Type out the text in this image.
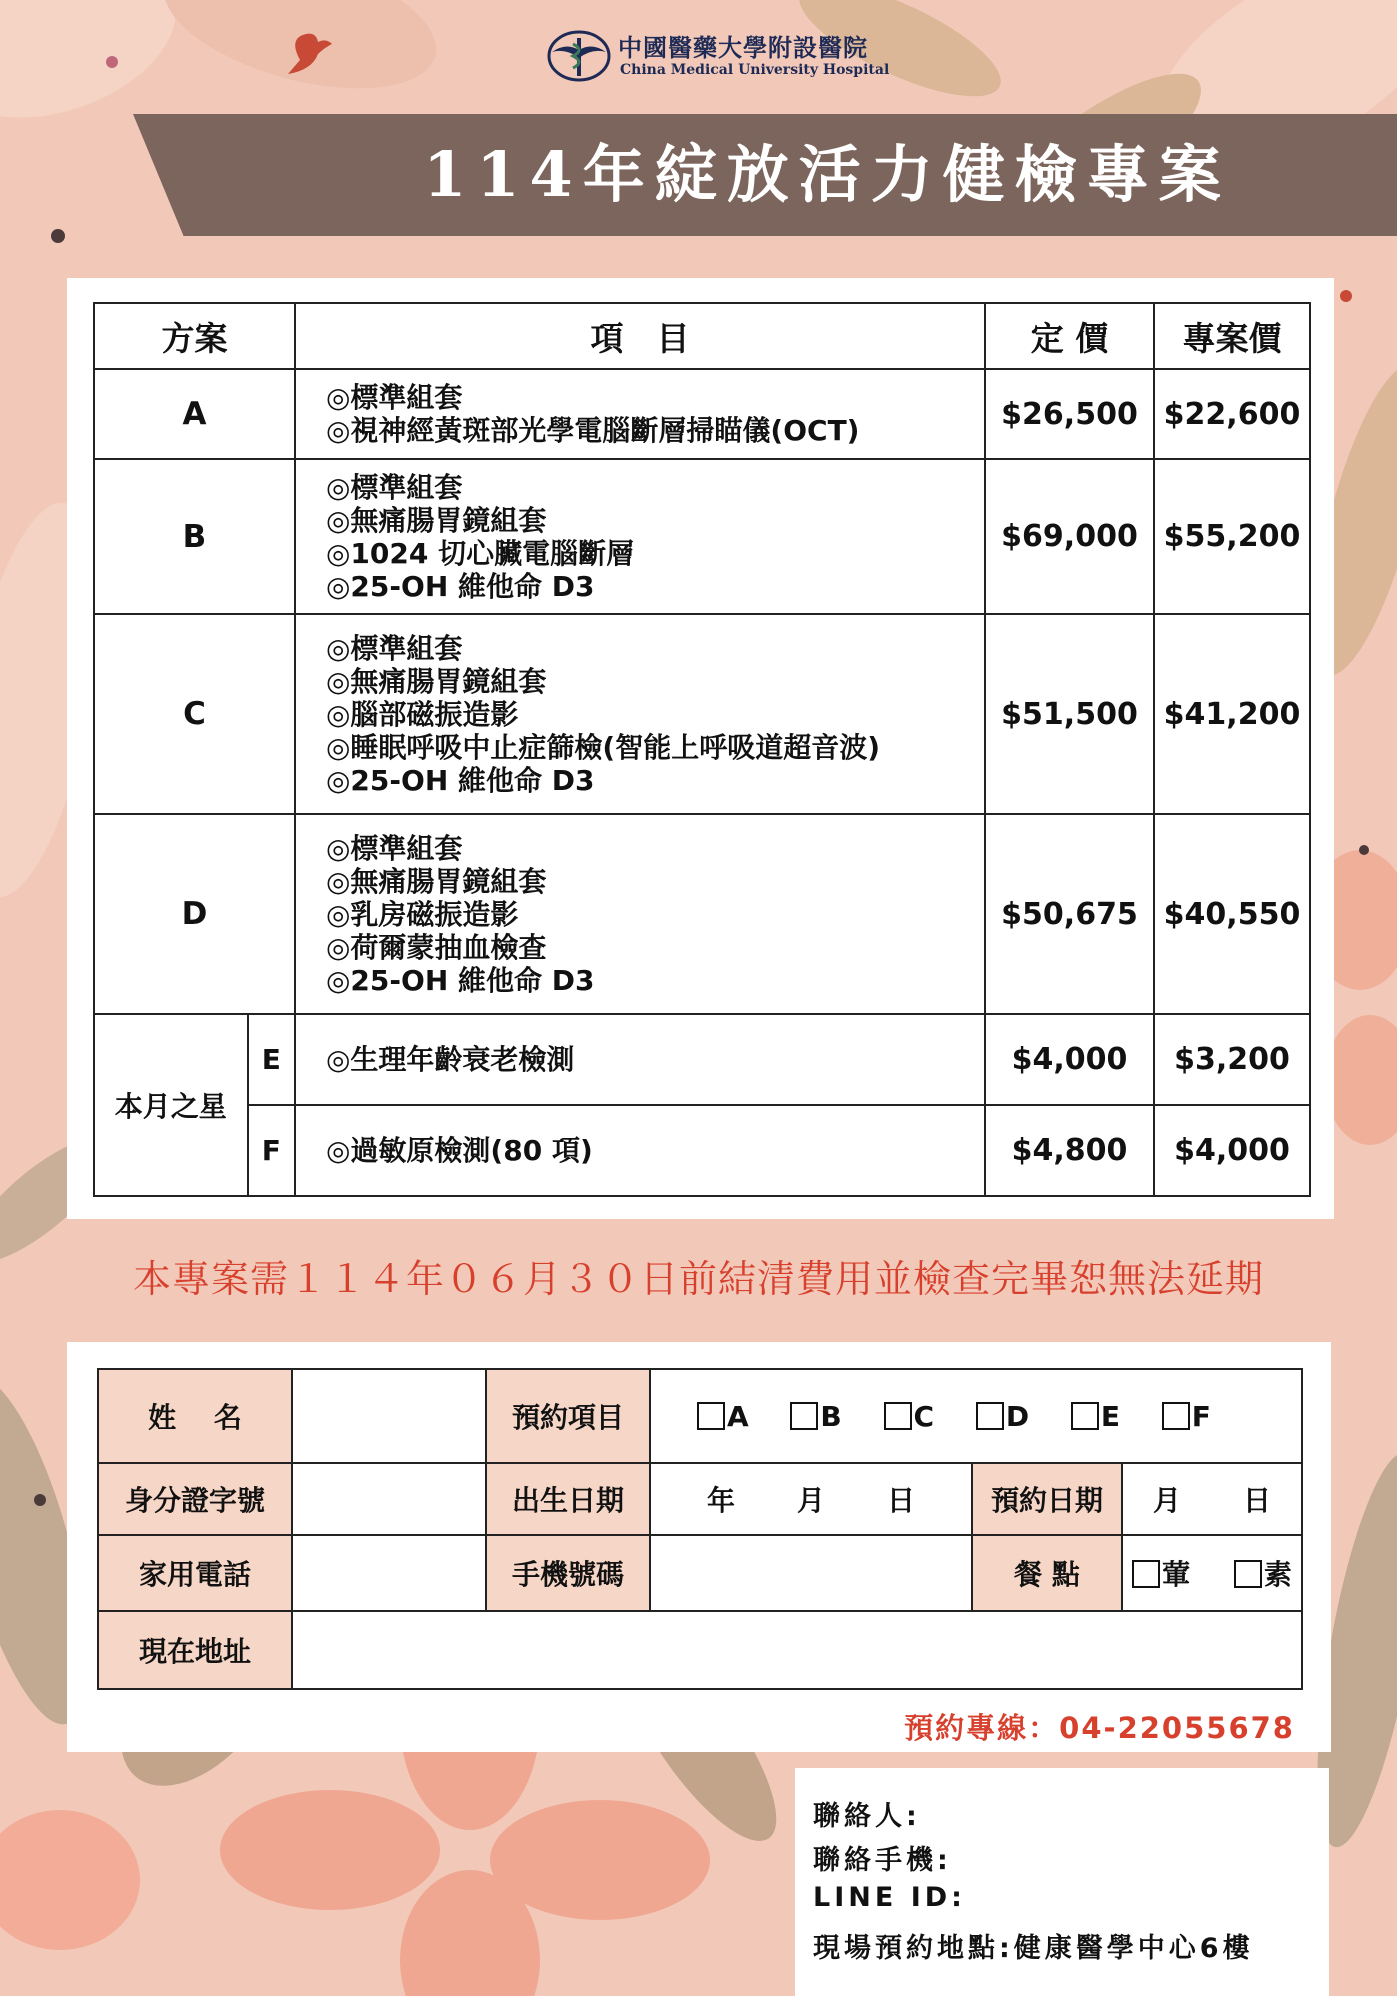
中國醫藥大學附設醫院
China Medical University Hospital
114年綻放活力健檢專案
方案		項　目	定 價	專案價
A		◎標準組套
◎視神經黃斑部光學電腦斷層掃瞄儀(OCT)	$26,500	$22,600
B		◎標準組套
◎無痛腸胃鏡組套
◎1024 切心臟電腦斷層
◎25-OH 維他命 D3	$69,000	$55,200
C		◎標準組套
◎無痛腸胃鏡組套
◎腦部磁振造影
◎睡眠呼吸中止症篩檢(智能上呼吸道超音波)
◎25-OH 維他命 D3	$51,500	$41,200
D		◎標準組套
◎無痛腸胃鏡組套
◎乳房磁振造影
◎荷爾蒙抽血檢查
◎25-OH 維他命 D3	$50,675	$40,550
本月之星	E	◎生理年齡衰老檢測	$4,000	$3,200
	F	◎過敏原檢測(80 項)	$4,800	$4,000
本專案需１１４年０６月３０日前結清費用並檢查完畢恕無法延期
姓　 名		預約項目	A B C D E F		
身分證字號		出生日期	年 月 日	預約日期	月 日
家用電話		手機號碼		餐 點	葷 素
現在地址					
預約專線：04-22055678
聯絡人:
聯絡手機:
LINE ID:
現場預約地點:健康醫學中心6樓
